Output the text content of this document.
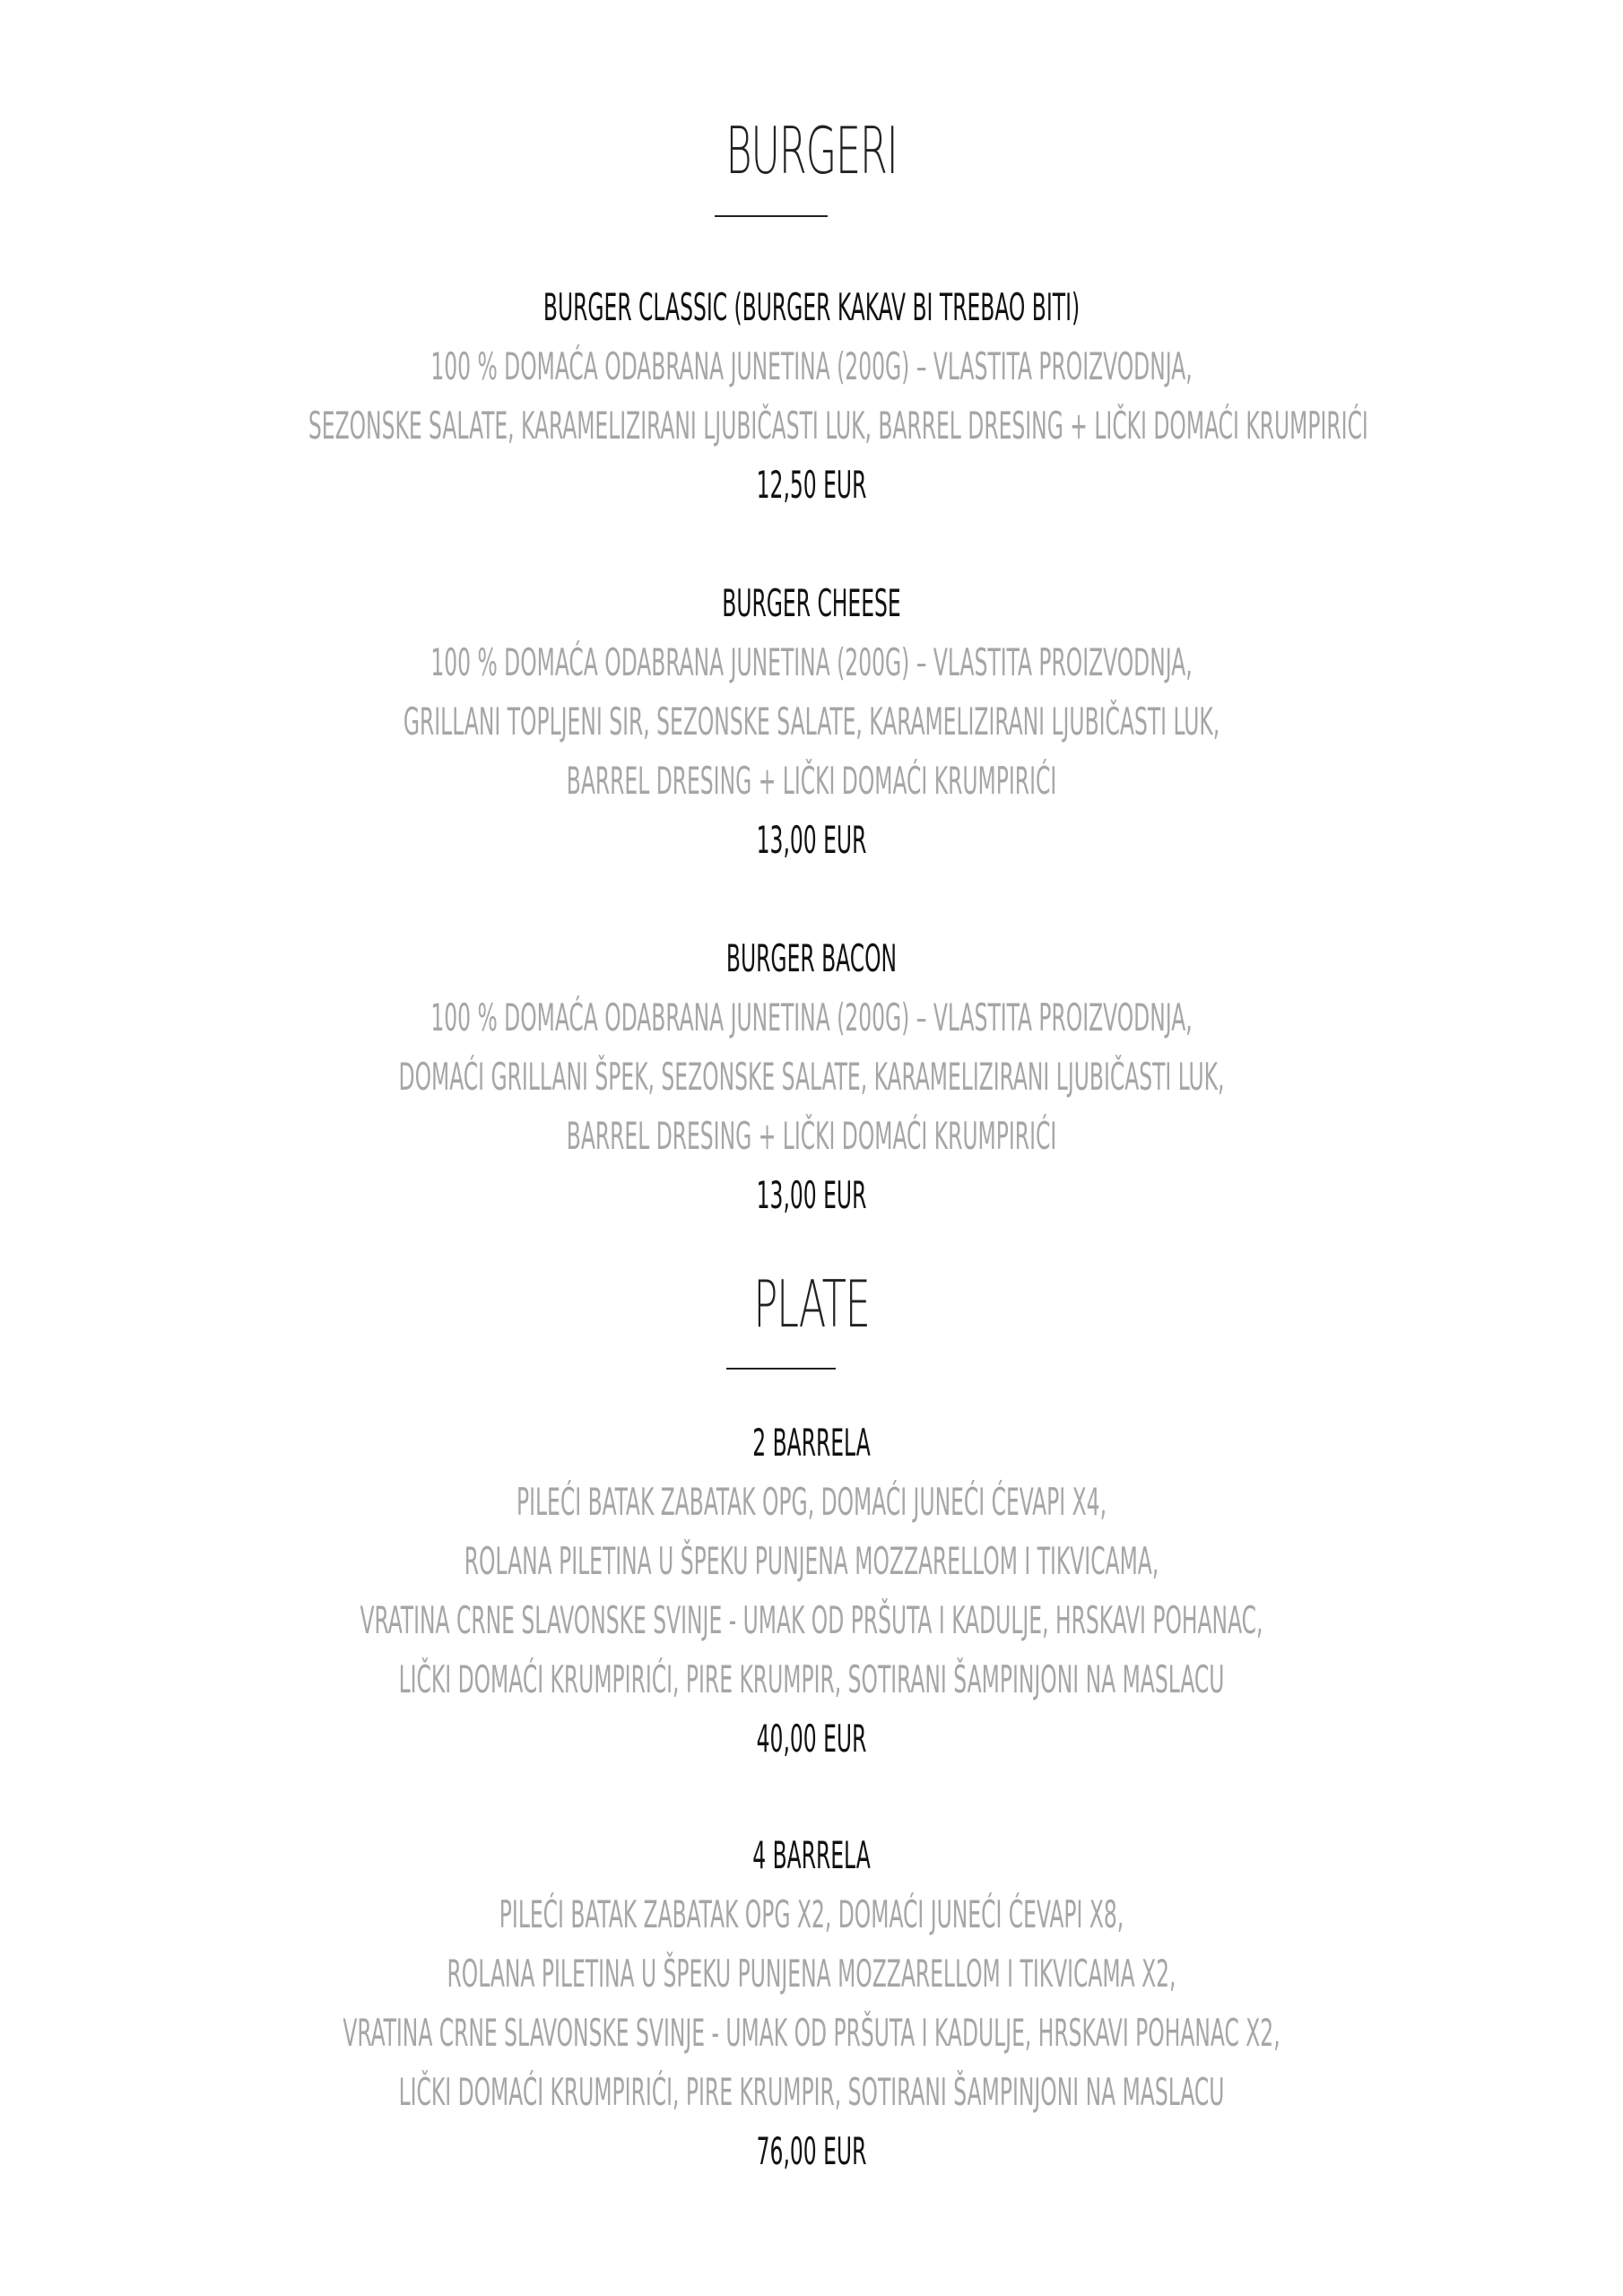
BURGERI
BURGER CLASSIC (BURGER KAKAV BI TREBAO BITI)
100 % DOMAĆA ODABRANA JUNETINA (200G) – VLASTITA PROIZVODNJA,
SEZONSKE SALATE, KARAMELIZIRANI LJUBIČASTI LUK, BARREL DRESING + LIČKI DOMAĆI KRUMPIRIĆI
12,50 EUR
BURGER CHEESE
100 % DOMAĆA ODABRANA JUNETINA (200G) – VLASTITA PROIZVODNJA,
GRILLANI TOPLJENI SIR, SEZONSKE SALATE, KARAMELIZIRANI LJUBIČASTI LUK,
BARREL DRESING + LIČKI DOMAĆI KRUMPIRIĆI
13,00 EUR
BURGER BACON
100 % DOMAĆA ODABRANA JUNETINA (200G) – VLASTITA PROIZVODNJA,
DOMAĆI GRILLANI ŠPEK, SEZONSKE SALATE, KARAMELIZIRANI LJUBIČASTI LUK,
BARREL DRESING + LIČKI DOMAĆI KRUMPIRIĆI
13,00 EUR
PLATE
2 BARRELA
PILEĆI BATAK ZABATAK OPG, DOMAĆI JUNEĆI ĆEVAPI X4,
ROLANA PILETINA U ŠPEKU PUNJENA MOZZARELLOM I TIKVICAMA,
VRATINA CRNE SLAVONSKE SVINJE - UMAK OD PRŠUTA I KADULJE, HRSKAVI POHANAC,
LIČKI DOMAĆI KRUMPIRIĆI, PIRE KRUMPIR, SOTIRANI ŠAMPINJONI NA MASLACU
40,00 EUR
4 BARRELA
PILEĆI BATAK ZABATAK OPG X2, DOMAĆI JUNEĆI ĆEVAPI X8,
ROLANA PILETINA U ŠPEKU PUNJENA MOZZARELLOM I TIKVICAMA X2,
VRATINA CRNE SLAVONSKE SVINJE - UMAK OD PRŠUTA I KADULJE, HRSKAVI POHANAC X2,
LIČKI DOMAĆI KRUMPIRIĆI, PIRE KRUMPIR, SOTIRANI ŠAMPINJONI NA MASLACU
76,00 EUR
